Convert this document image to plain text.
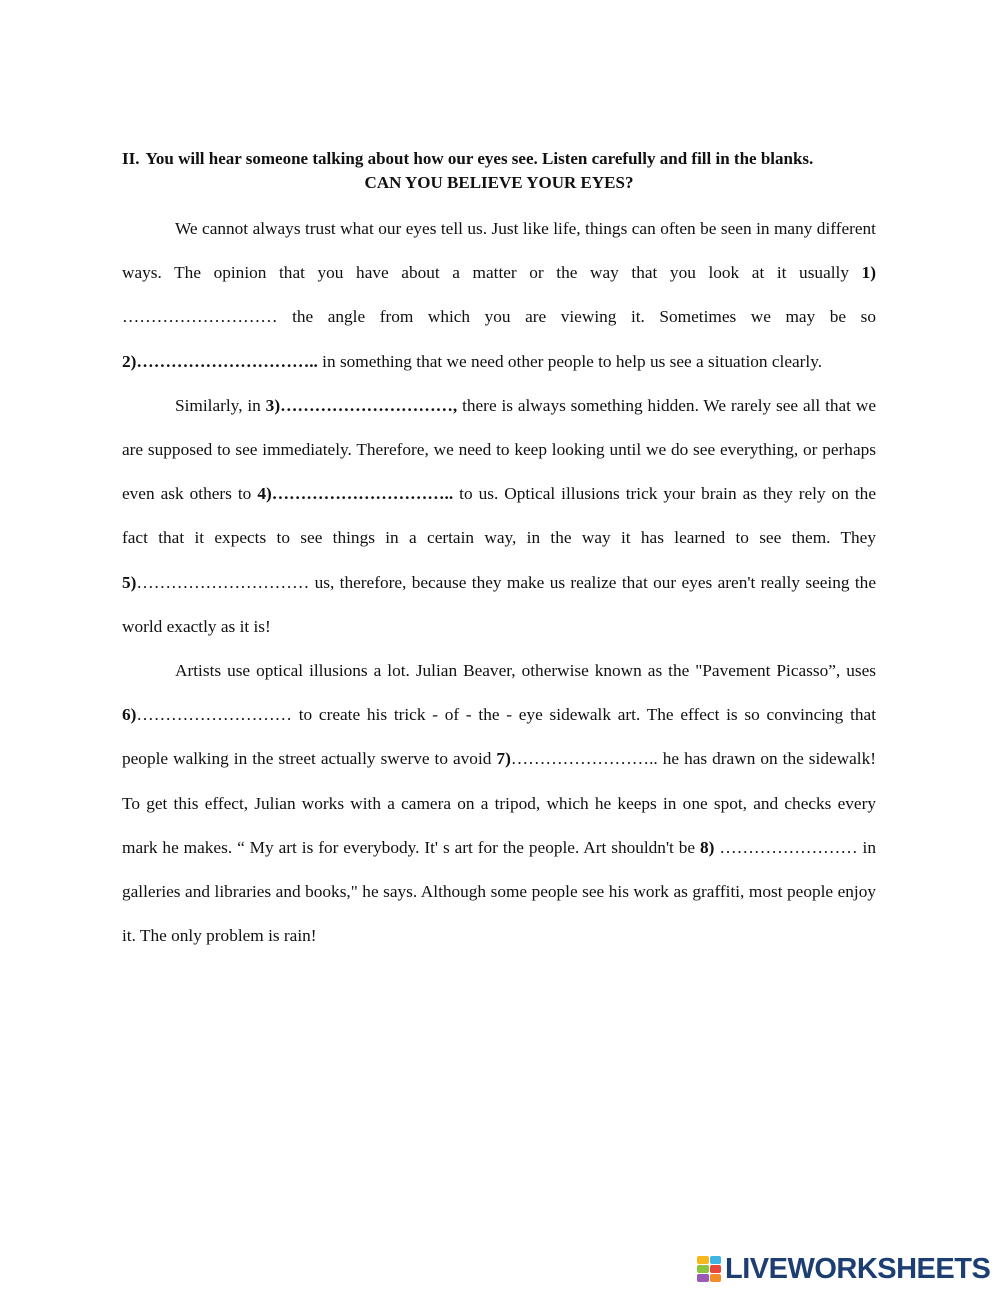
II. You will hear someone talking about how our eyes see. Listen carefully and fill in the blanks.

CAN YOU BELIEVE YOUR EYES?

We cannot always trust what our eyes tell us. Just like life, things can often be seen in many different ways. The opinion that you have about a matter or the way that you look at it usually 1) ……………………… the angle from which you are viewing it. Sometimes we may be so 2)………………………….. in something that we need other people to help us see a situation clearly.

Similarly, in 3)…………………………, there is always something hidden. We rarely see all that we are supposed to see immediately. Therefore, we need to keep looking until we do see everything, or perhaps even ask others to 4)………………………….. to us. Optical illusions trick your brain as they rely on the fact that it expects to see things in a certain way, in the way it has learned to see them. They 5)………………………… us, therefore, because they make us realize that our eyes aren't really seeing the world exactly as it is!

Artists use optical illusions a lot. Julian Beaver, otherwise known as the "Pavement Picasso”, uses 6)……………………… to create his trick - of - the - eye sidewalk art. The effect is so convincing that people walking in the street actually swerve to avoid 7)…………………….. he has drawn on the sidewalk! To get this effect, Julian works with a camera on a tripod, which he keeps in one spot, and checks every mark he makes. “ My art is for everybody. It' s art for the people. Art shouldn't be 8) …………………… in galleries and libraries and books," he says. Although some people see his work as graffiti, most people enjoy it. The only problem is rain!

LIVEWORKSHEETS
